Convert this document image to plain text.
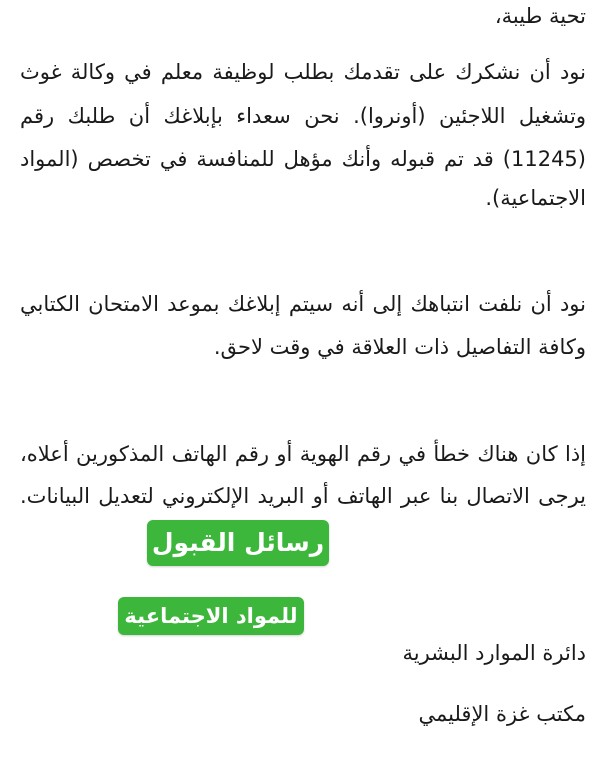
تحية طيبة،
نود أن نشكرك على تقدمك بطلب لوظيفة معلم في وكالة غوث
وتشغيل اللاجئين (أونروا). نحن سعداء بإبلاغك أن طلبك رقم
(11245) قد تم قبوله وأنك مؤهل للمنافسة في تخصص (المواد
الاجتماعية).
نود أن نلفت انتباهك إلى أنه سيتم إبلاغك بموعد الامتحان الكتابي
وكافة التفاصيل ذات العلاقة في وقت لاحق.
إذا كان هناك خطأ في رقم الهوية أو رقم الهاتف المذكورين أعلاه،
يرجى الاتصال بنا عبر الهاتف أو البريد الإلكتروني لتعديل البيانات.
رسائل القبول
للمواد الاجتماعية
دائرة الموارد البشرية
مكتب غزة الإقليمي
